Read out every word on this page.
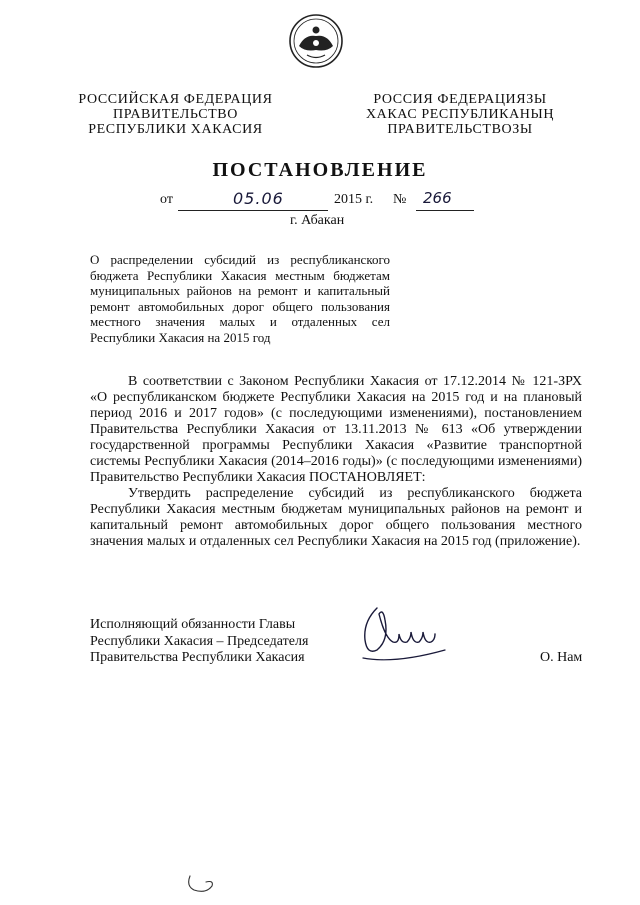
РОССИЙСКАЯ ФЕДЕРАЦИЯ
ПРАВИТЕЛЬСТВО
РЕСПУБЛИКИ ХАКАСИЯ
РОССИЯ ФЕДЕРАЦИЯЗЫ
ХАКАС РЕСПУБЛИКАНЫҢ
ПРАВИТЕЛЬСТВОЗЫ
ПОСТАНОВЛЕНИЕ
от	05.06	2015 г. № 266
г. Абакан
О распределении субсидий из республиканского бюджета Республики Хакасия местным бюджетам муниципальных районов на ремонт и капитальный ремонт автомобильных дорог общего пользования местного значения малых и отдаленных сел Республики Хакасия на 2015 год

В соответствии с Законом Республики Хакасия от 17.12.2014 № 121-ЗРХ «О республиканском бюджете Республики Хакасия на 2015 год и на плановый период 2016 и 2017 годов» (с последующими изменениями), постановлением Правительства Республики Хакасия от 13.11.2013 № 613 «Об утверждении государственной программы Республики Хакасия «Развитие транспортной системы Республики Хакасия (2014–2016 годы)» (с последующими изменениями) Правительство Республики Хакасия ПОСТАНОВЛЯЕТ:

Утвердить распределение субсидий из республиканского бюджета Республики Хакасия местным бюджетам муниципальных районов на ремонт и капитальный ремонт автомобильных дорог общего пользования местного значения малых и отдаленных сел Республики Хакасия на 2015 год (приложение).

Исполняющий обязанности Главы
Республики Хакасия – Председателя
Правительства Республики Хакасия	О. Нам
